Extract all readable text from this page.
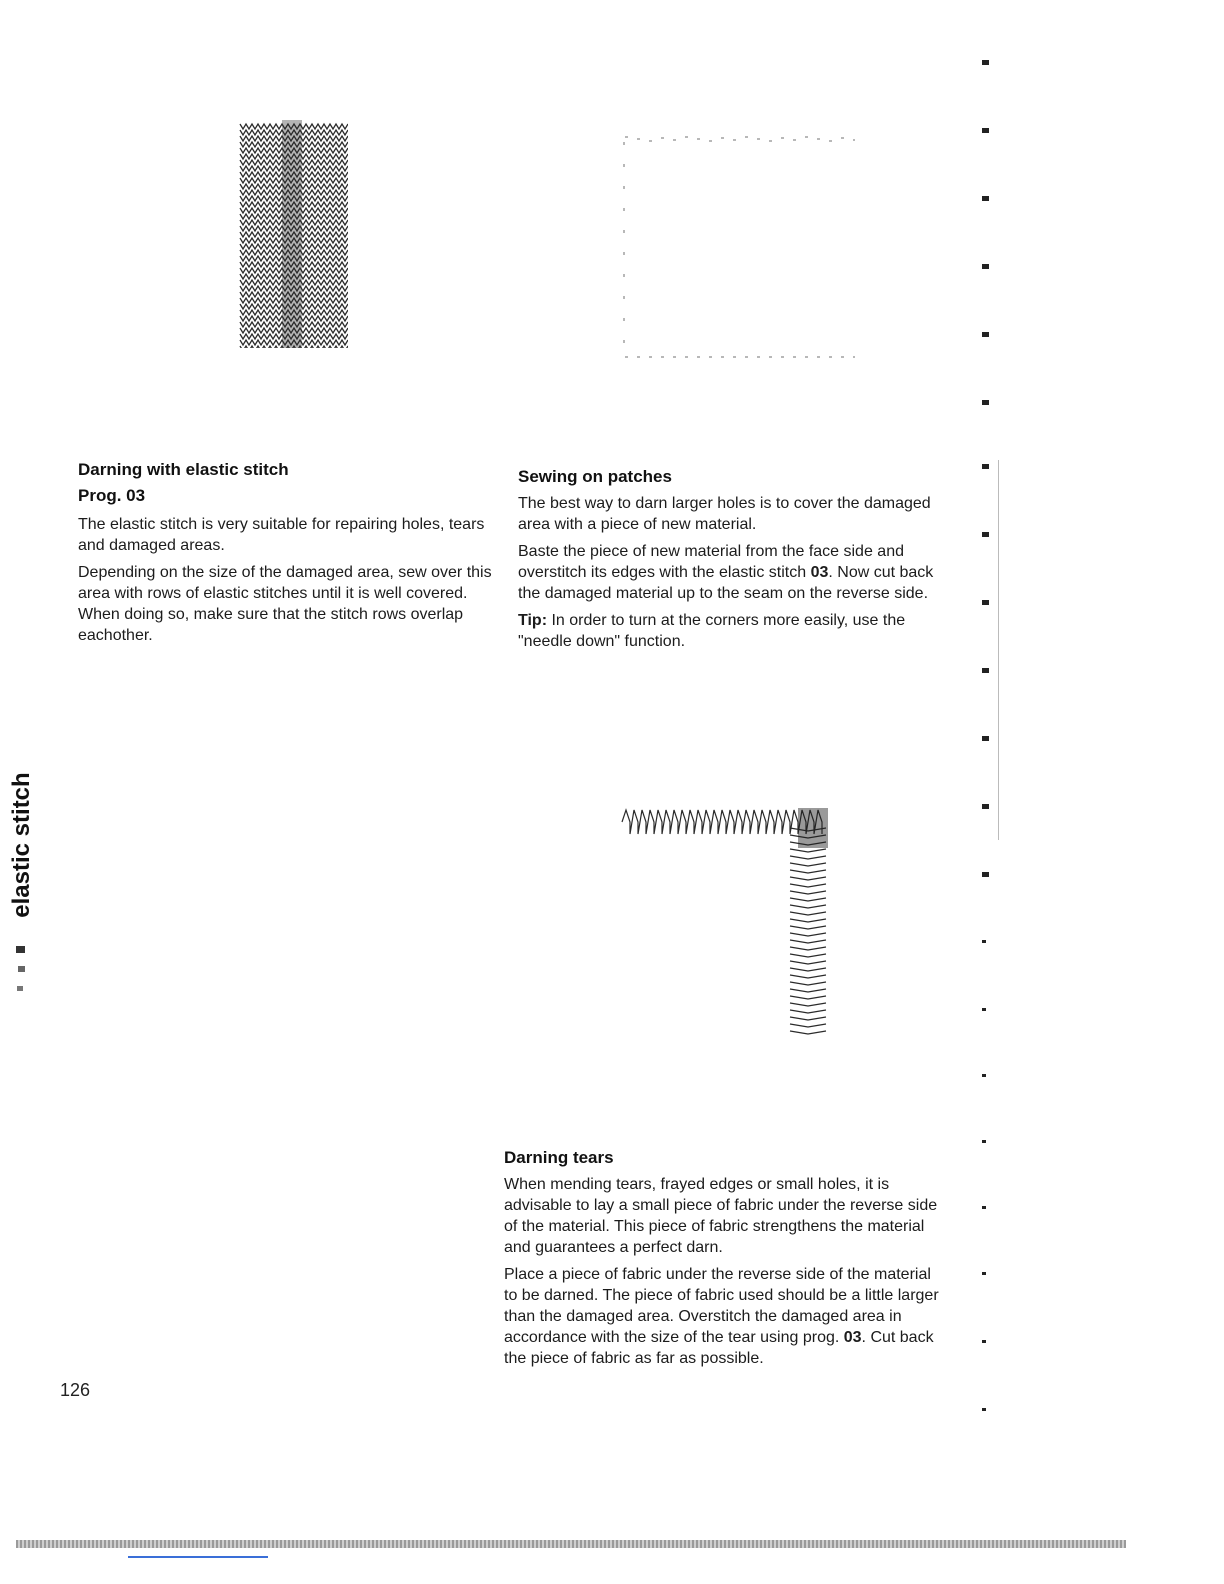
Darning with elastic stitch

Prog. 03

The elastic stitch is very suitable for repairing holes, tears and damaged areas.

Depending on the size of the damaged area, sew over this area with rows of elastic stitches until it is well covered. When doing so, make sure that the stitch rows overlap eachother.

Sewing on patches

The best way to darn larger holes is to cover the damaged area with a piece of new material.

Baste the piece of new material from the face side and overstitch its edges with the elastic stitch 03. Now cut back the damaged material up to the seam on the reverse side.

Tip: In order to turn at the corners more easily, use the "needle down" function.

Darning tears

When mending tears, frayed edges or small holes, it is advisable to lay a small piece of fabric under the reverse side of the material. This piece of fabric strengthens the material and guarantees a perfect darn.

Place a piece of fabric under the reverse side of the material to be darned. The piece of fabric used should be a little larger than the damaged area. Overstitch the damaged area in accordance with the size of the tear using prog. 03. Cut back the piece of fabric as far as possible.

elastic stitch
126
